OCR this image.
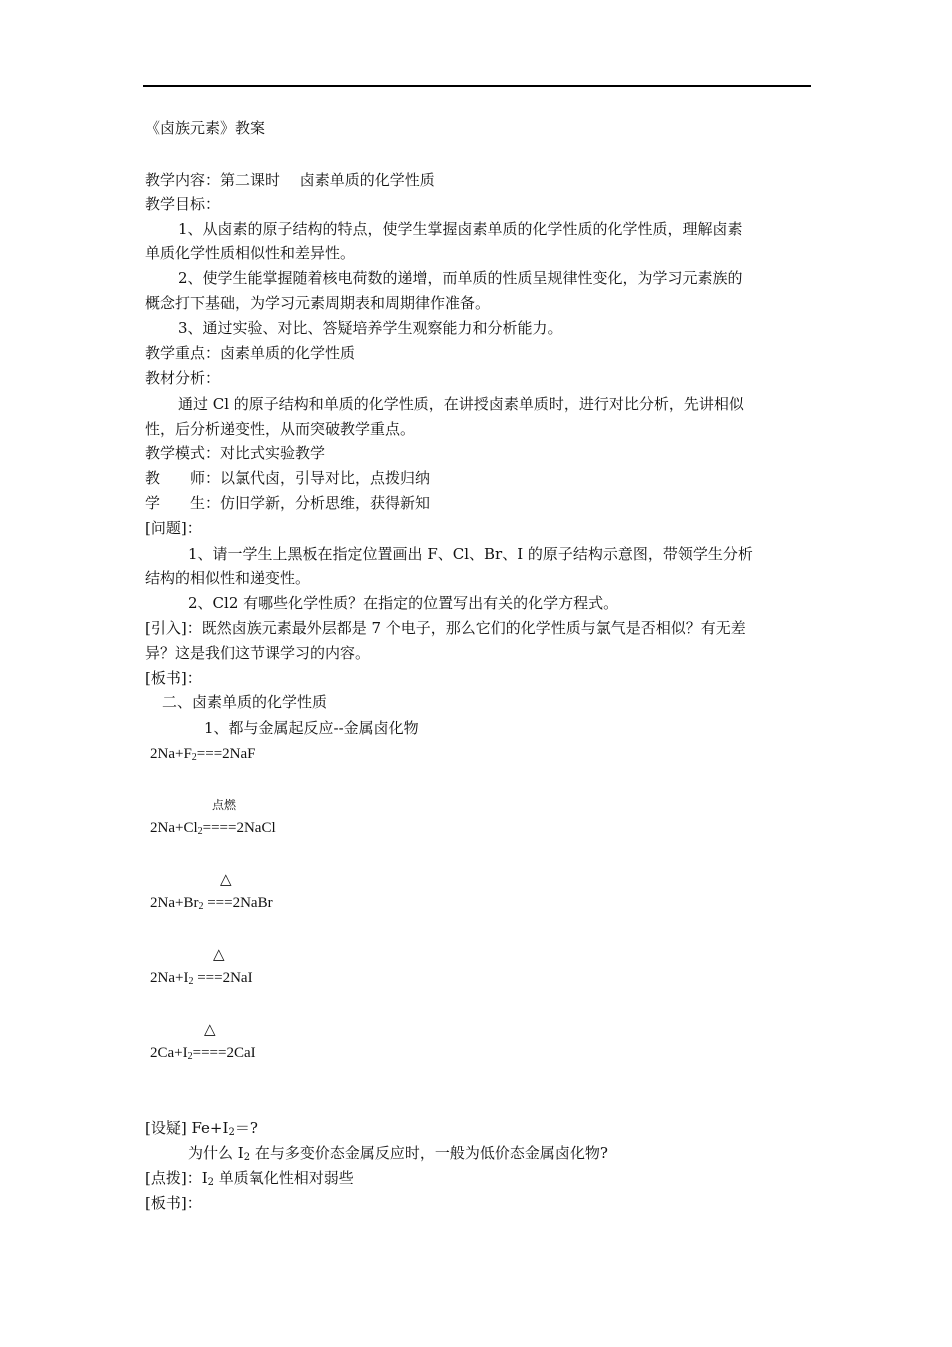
《卤族元素》教案
教学内容：第二课时　 卤素单质的化学性质
教学目标：
1、从卤素的原子结构的特点，使学生掌握卤素单质的化学性质的化学性质，理解卤素
单质化学性质相似性和差异性。
2、使学生能掌握随着核电荷数的递增，而单质的性质呈规律性变化，为学习元素族的
概念打下基础，为学习元素周期表和周期律作准备。
3、通过实验、对比、答疑培养学生观察能力和分析能力。
教学重点：卤素单质的化学性质
教材分析：
通过 Cl 的原子结构和单质的化学性质，在讲授卤素单质时，进行对比分析，先讲相似
性，后分析递变性，从而突破教学重点。
教学模式：对比式实验教学
教　　师：以氯代卤，引导对比，点拨归纳
学　　生：仿旧学新，分析思维，获得新知
[问题]：
1、请一学生上黑板在指定位置画出 F、Cl、Br、I 的原子结构示意图，带领学生分析
结构的相似性和递变性。
2、Cl2 有哪些化学性质？在指定的位置写出有关的化学方程式。
[引入]：既然卤族元素最外层都是 7 个电子，那么它们的化学性质与氯气是否相似？有无差
异？这是我们这节课学习的内容。
[板书]：
二、卤素单质的化学性质
1、都与金属起反应--金属卤化物
$2Na+F_2===2NaF$
点燃
$2Na+Cl_2====2NaCl$
△
$2Na+Br_2$ ===2NaBr
△
$2Na+I_2 ===2NaI$
△
$2Ca+I_2====2CaI$
[设疑] $Fe+I_2=$?
为什么 $I_2$ 在与多变价态金属反应时，一般为低价态金属卤化物?
[点拨]：$I_2$ 单质氧化性相对弱些
[板书]：
